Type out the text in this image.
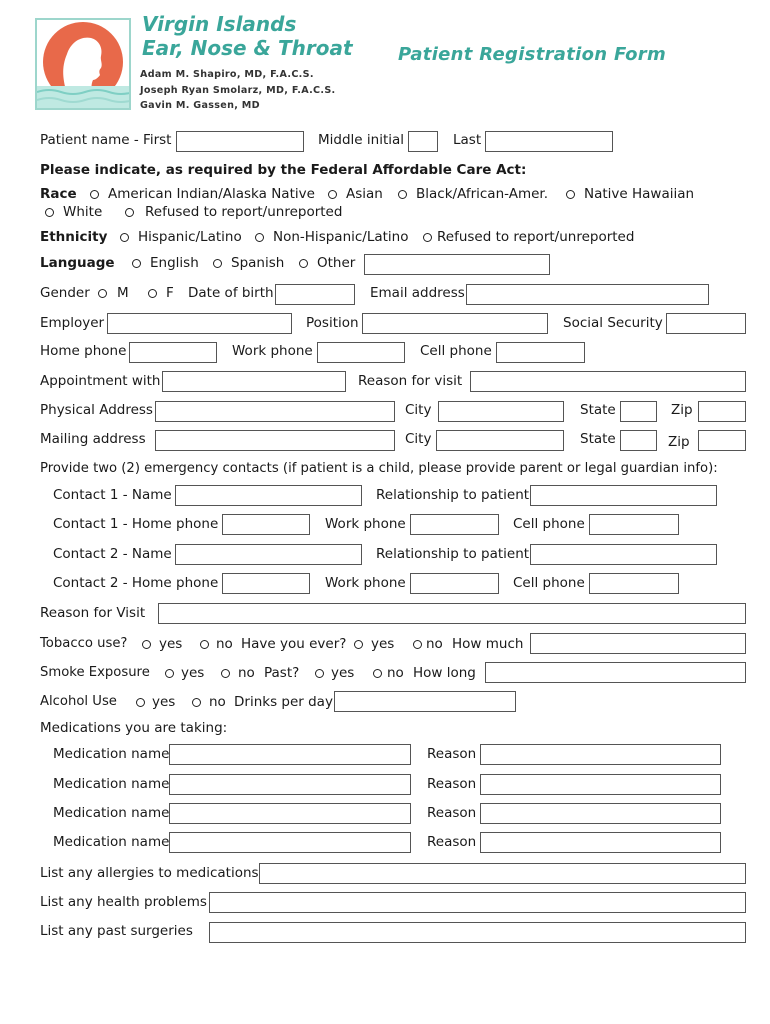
Virgin Islands
Ear, Nose & Throat
Adam M. Shapiro, MD, F.A.C.S.
Joseph Ryan Smolarz, MD, F.A.C.S.
Gavin M. Gassen, MD
Patient Registration Form
Patient name - First	Middle initial	Last
Please indicate, as required by the Federal Affordable Care Act:
Race American Indian/Alaska Native Asian Black/African-Amer.	Native Hawaiian
White	Refused to report/unreported
Ethnicity Hispanic/Latino Non-Hispanic/Latino Refused to report/unreported
Language	English Spanish Other
Gender M	F Date of birth	Email address
Employer	Position	Social Security
Home phone	Work phone	Cell phone
Appointment with	Reason for visit
Physical Address	City	State	Zip
Mailing address	City	State	Zip
Provide two (2) emergency contacts (if patient is a child, please provide parent or legal guardian info):
Contact 1 - Name	Relationship to patient
Contact 1 - Home phone	Work phone	Cell phone
Contact 2 - Name	Relationship to patient
Contact 2 - Home phone	Work phone	Cell phone
Reason for Visit
Tobacco use? yes no Have you ever? yes no How much
Smoke Exposure yes no Past? yes no How long
Alcohol Use	yes no Drinks per day
Medications you are taking:
Medication name	Reason
Medication name	Reason
Medication name	Reason
Medication name	Reason
List any allergies to medications
List any health problems
List any past surgeries
